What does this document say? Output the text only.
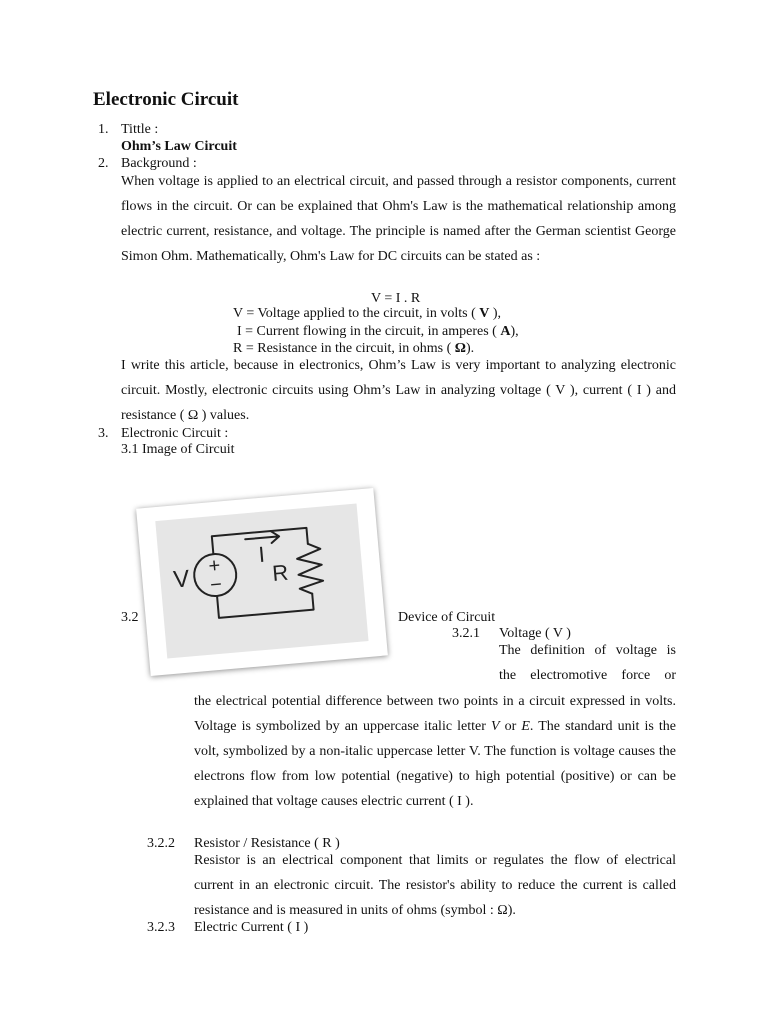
Electronic Circuit
1. Tittle :
Ohm’s Law Circuit
2. Background :
When voltage is applied to an electrical circuit, and passed through a resistor components, current flows in the circuit. Or can be explained that Ohm's Law is the mathematical relationship among electric current, resistance, and voltage. The principle is named after the German scientist George Simon Ohm. Mathematically, Ohm's Law for DC circuits can be stated as :
V = I . R
V = Voltage applied to the circuit, in volts ( V ),
I = Current flowing in the circuit, in amperes ( A),
R = Resistance in the circuit, in ohms ( Ω).
I write this article, because in electronics, Ohm’s Law is very important to analyzing electronic circuit. Mostly, electronic circuits using Ohm’s Law in analyzing voltage ( V ), current ( I ) and resistance ( Ω ) values.
3. Electronic Circuit :
3.1 Image of Circuit
+
−
V
I
R
3.2	Device of Circuit
3.2.1 Voltage ( V )
The definition of voltage is
the electromotive force or
the electrical potential difference between two points in a circuit expressed in volts. Voltage is symbolized by an uppercase italic letter V or E. The standard unit is the volt, symbolized by a non-italic uppercase letter V. The function is voltage causes the electrons flow from low potential (negative) to high potential (positive) or can be explained that voltage causes electric current ( I ).
3.2.2 Resistor / Resistance ( R )
Resistor is an electrical component that limits or regulates the flow of electrical current in an electronic circuit. The resistor's ability to reduce the current is called resistance and is measured in units of ohms (symbol : Ω).
3.2.3 Electric Current ( I )
